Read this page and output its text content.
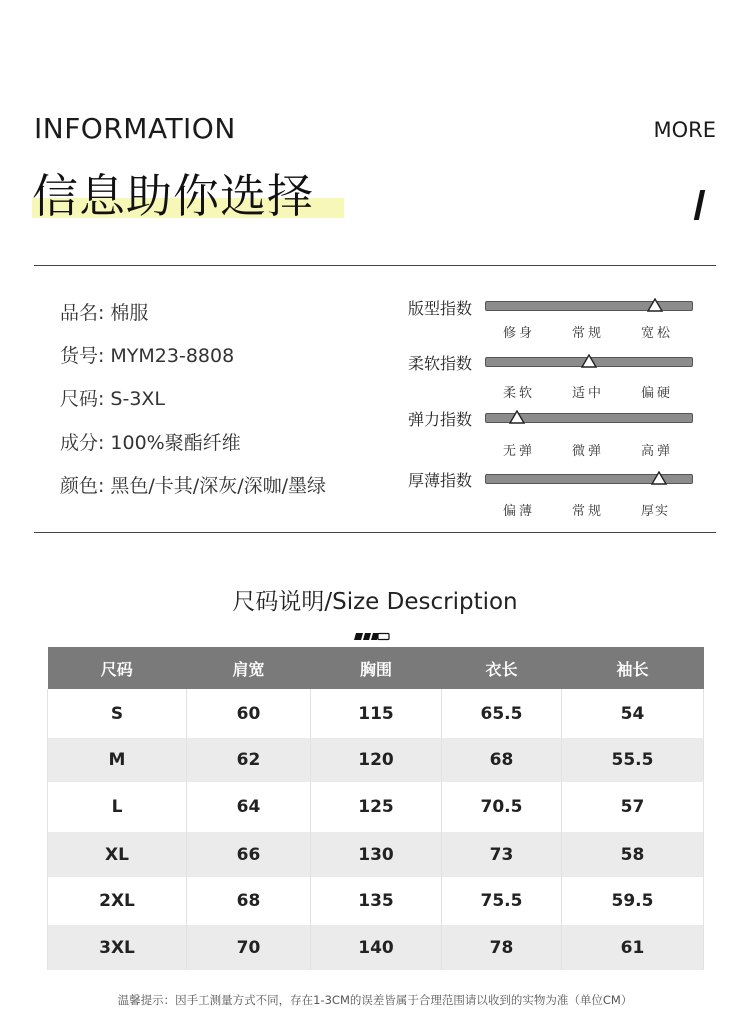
INFORMATION	MORE
信息助你选择
品名: 棉服
货号: MYM23-8808
尺码: S-3XL
成分: 100%聚酯纤维
颜色: 黑色/卡其/深灰/深咖/墨绿
版型指数
修身	常规	宽松
柔软指数
柔软	适中	偏硬
弹力指数
无弹	微弹	高弹
厚薄指数
偏薄	常规	厚实
尺码说明/Size Description
尺码	肩宽	胸围	衣长	袖长
S	60	115	65.5	54
M	62	120	68	55.5
L	64	125	70.5	57
XL	66	130	73	58
2XL	68	135	75.5	59.5
3XL	70	140	78	61
温馨提示：因手工测量方式不同，存在1-3CM的误差皆属于合理范围请以收到的实物为准（单位CM）
